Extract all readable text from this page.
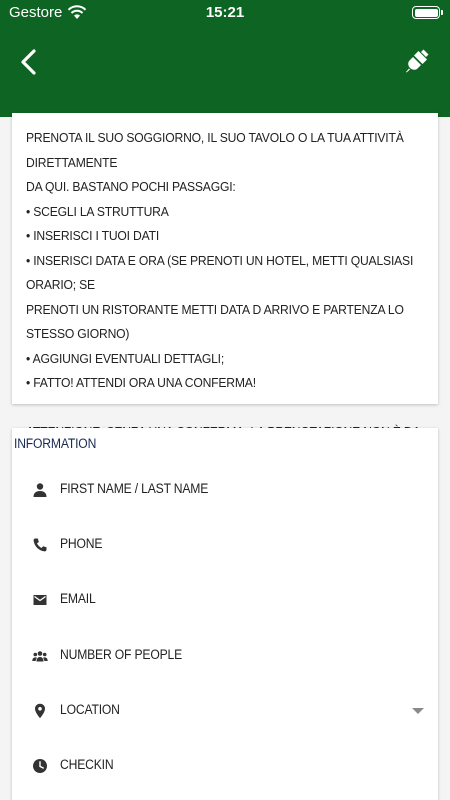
Gestore	15:21

PRENOTA IL SUO SOGGIORNO, IL SUO TAVOLO O LA TUA ATTIVITÀ DIRETTAMENTE

DA QUI. BASTANO POCHI PASSAGGI:

• SCEGLI LA STRUTTURA

• INSERISCI I TUOI DATI

• INSERISCI DATA E ORA (SE PRENOTI UN HOTEL, METTI QUALSIASI ORARIO; SE

PRENOTI UN RISTORANTE METTI DATA D ARRIVO E PARTENZA LO STESSO GIORNO)

• AGGIUNGI EVENTUALI DETTAGLI;

• FATTO! ATTENDI ORA UNA CONFERMA!

INFORMATION
FIRST NAME / LAST NAME
PHONE
EMAIL
NUMBER OF PEOPLE
LOCATION
CHECKIN
